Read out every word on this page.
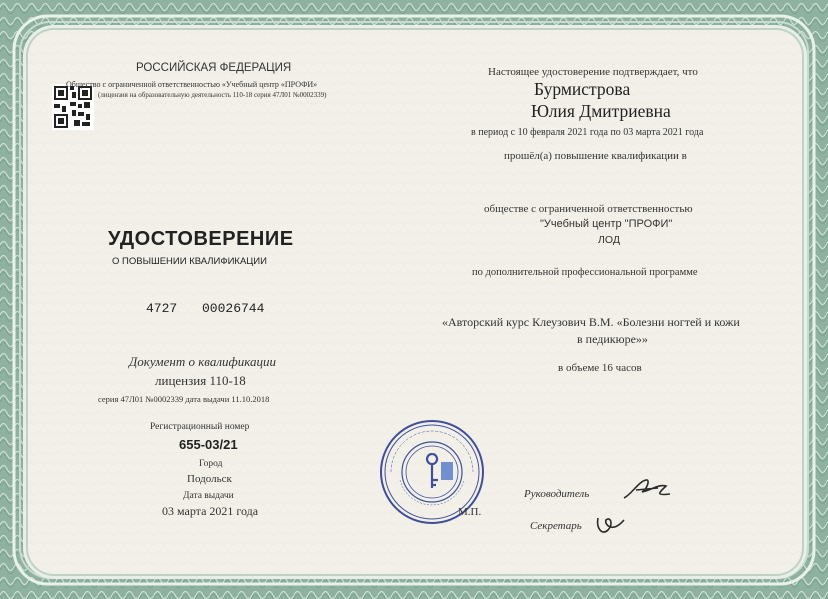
РОССИЙСКАЯ ФЕДЕРАЦИЯ
Общество с ограниченной ответственностью «Учебный центр «ПРОФИ»
(лицензия на образовательную деятельность 110-18 серия 47Л01 №0002339)
УДОСТОВЕРЕНИЕ
О ПОВЫШЕНИИ КВАЛИФИКАЦИИ
4727 00026744
Документ о квалификации
лицензия 110-18
серия 47Л01 №0002339 дата выдачи 11.10.2018
Регистрационный номер
655-03/21
Город
Подольск
Дата выдачи
03 марта 2021 года
Настоящее удостоверение подтверждает, что
Бурмистрова
Юлия Дмитриевна
в период с 10 февраля 2021 года по 03 марта 2021 года
прошёл(а) повышение квалификации в
обществе с ограниченной ответственностью
"Учебный центр "ПРОФИ"
ЛОД
по дополнительной профессиональной программе
«Авторский курс Клеузович В.М. «Болезни ногтей и кожи
в педикюре»»
в объеме 16 часов
М.П.
Руководитель
Секретарь
